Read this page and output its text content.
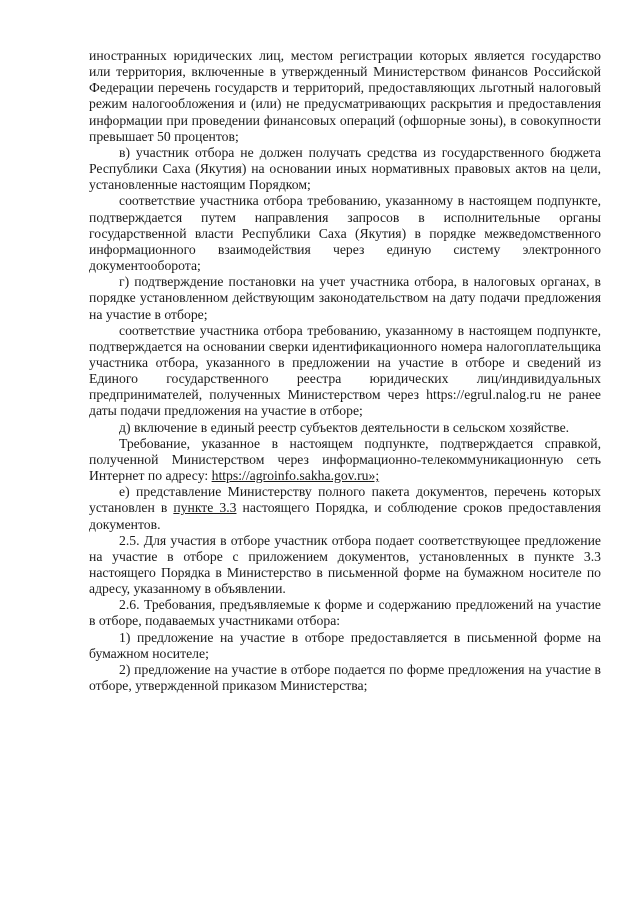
иностранных юридических лиц, местом регистрации которых является государство или территория, включенные в утвержденный Министерством финансов Российской Федерации перечень государств и территорий, предоставляющих льготный налоговый режим налогообложения и (или) не предусматривающих раскрытия и предоставления информации при проведении финансовых операций (офшорные зоны), в совокупности превышает 50 процентов;

в) участник отбора не должен получать средства из государственного бюджета Республики Саха (Якутия) на основании иных нормативных правовых актов на цели, установленные настоящим Порядком;

соответствие участника отбора требованию, указанному в настоящем подпункте, подтверждается путем направления запросов в исполнительные органы государственной власти Республики Саха (Якутия) в порядке межведомственного информационного взаимодействия через единую систему электронного документооборота;

г) подтверждение постановки на учет участника отбора, в налоговых органах, в порядке установленном действующим законодательством на дату подачи предложения на участие в отборе;

соответствие участника отбора требованию, указанному в настоящем подпункте, подтверждается на основании сверки идентификационного номера налогоплательщика участника отбора, указанного в предложении на участие в отборе и сведений из Единого государственного реестра юридических лиц/индивидуальных предпринимателей, полученных Министерством через https://egrul.nalog.ru не ранее даты подачи предложения на участие в отборе;

д) включение в единый реестр субъектов деятельности в сельском хозяйстве.

Требование, указанное в настоящем подпункте, подтверждается справкой, полученной Министерством через информационно-телекоммуникационную сеть Интернет по адресу: https://agroinfo.sakha.gov.ru»;

е) представление Министерству полного пакета документов, перечень которых установлен в пункте 3.3 настоящего Порядка, и соблюдение сроков предоставления документов.

2.5. Для участия в отборе участник отбора подает соответствующее предложение на участие в отборе с приложением документов, установленных в пункте 3.3 настоящего Порядка в Министерство в письменной форме на бумажном носителе по адресу, указанному в объявлении.

2.6. Требования, предъявляемые к форме и содержанию предложений на участие в отборе, подаваемых участниками отбора:

1) предложение на участие в отборе предоставляется в письменной форме на бумажном носителе;

2) предложение на участие в отборе подается по форме предложения на участие в отборе, утвержденной приказом Министерства;
